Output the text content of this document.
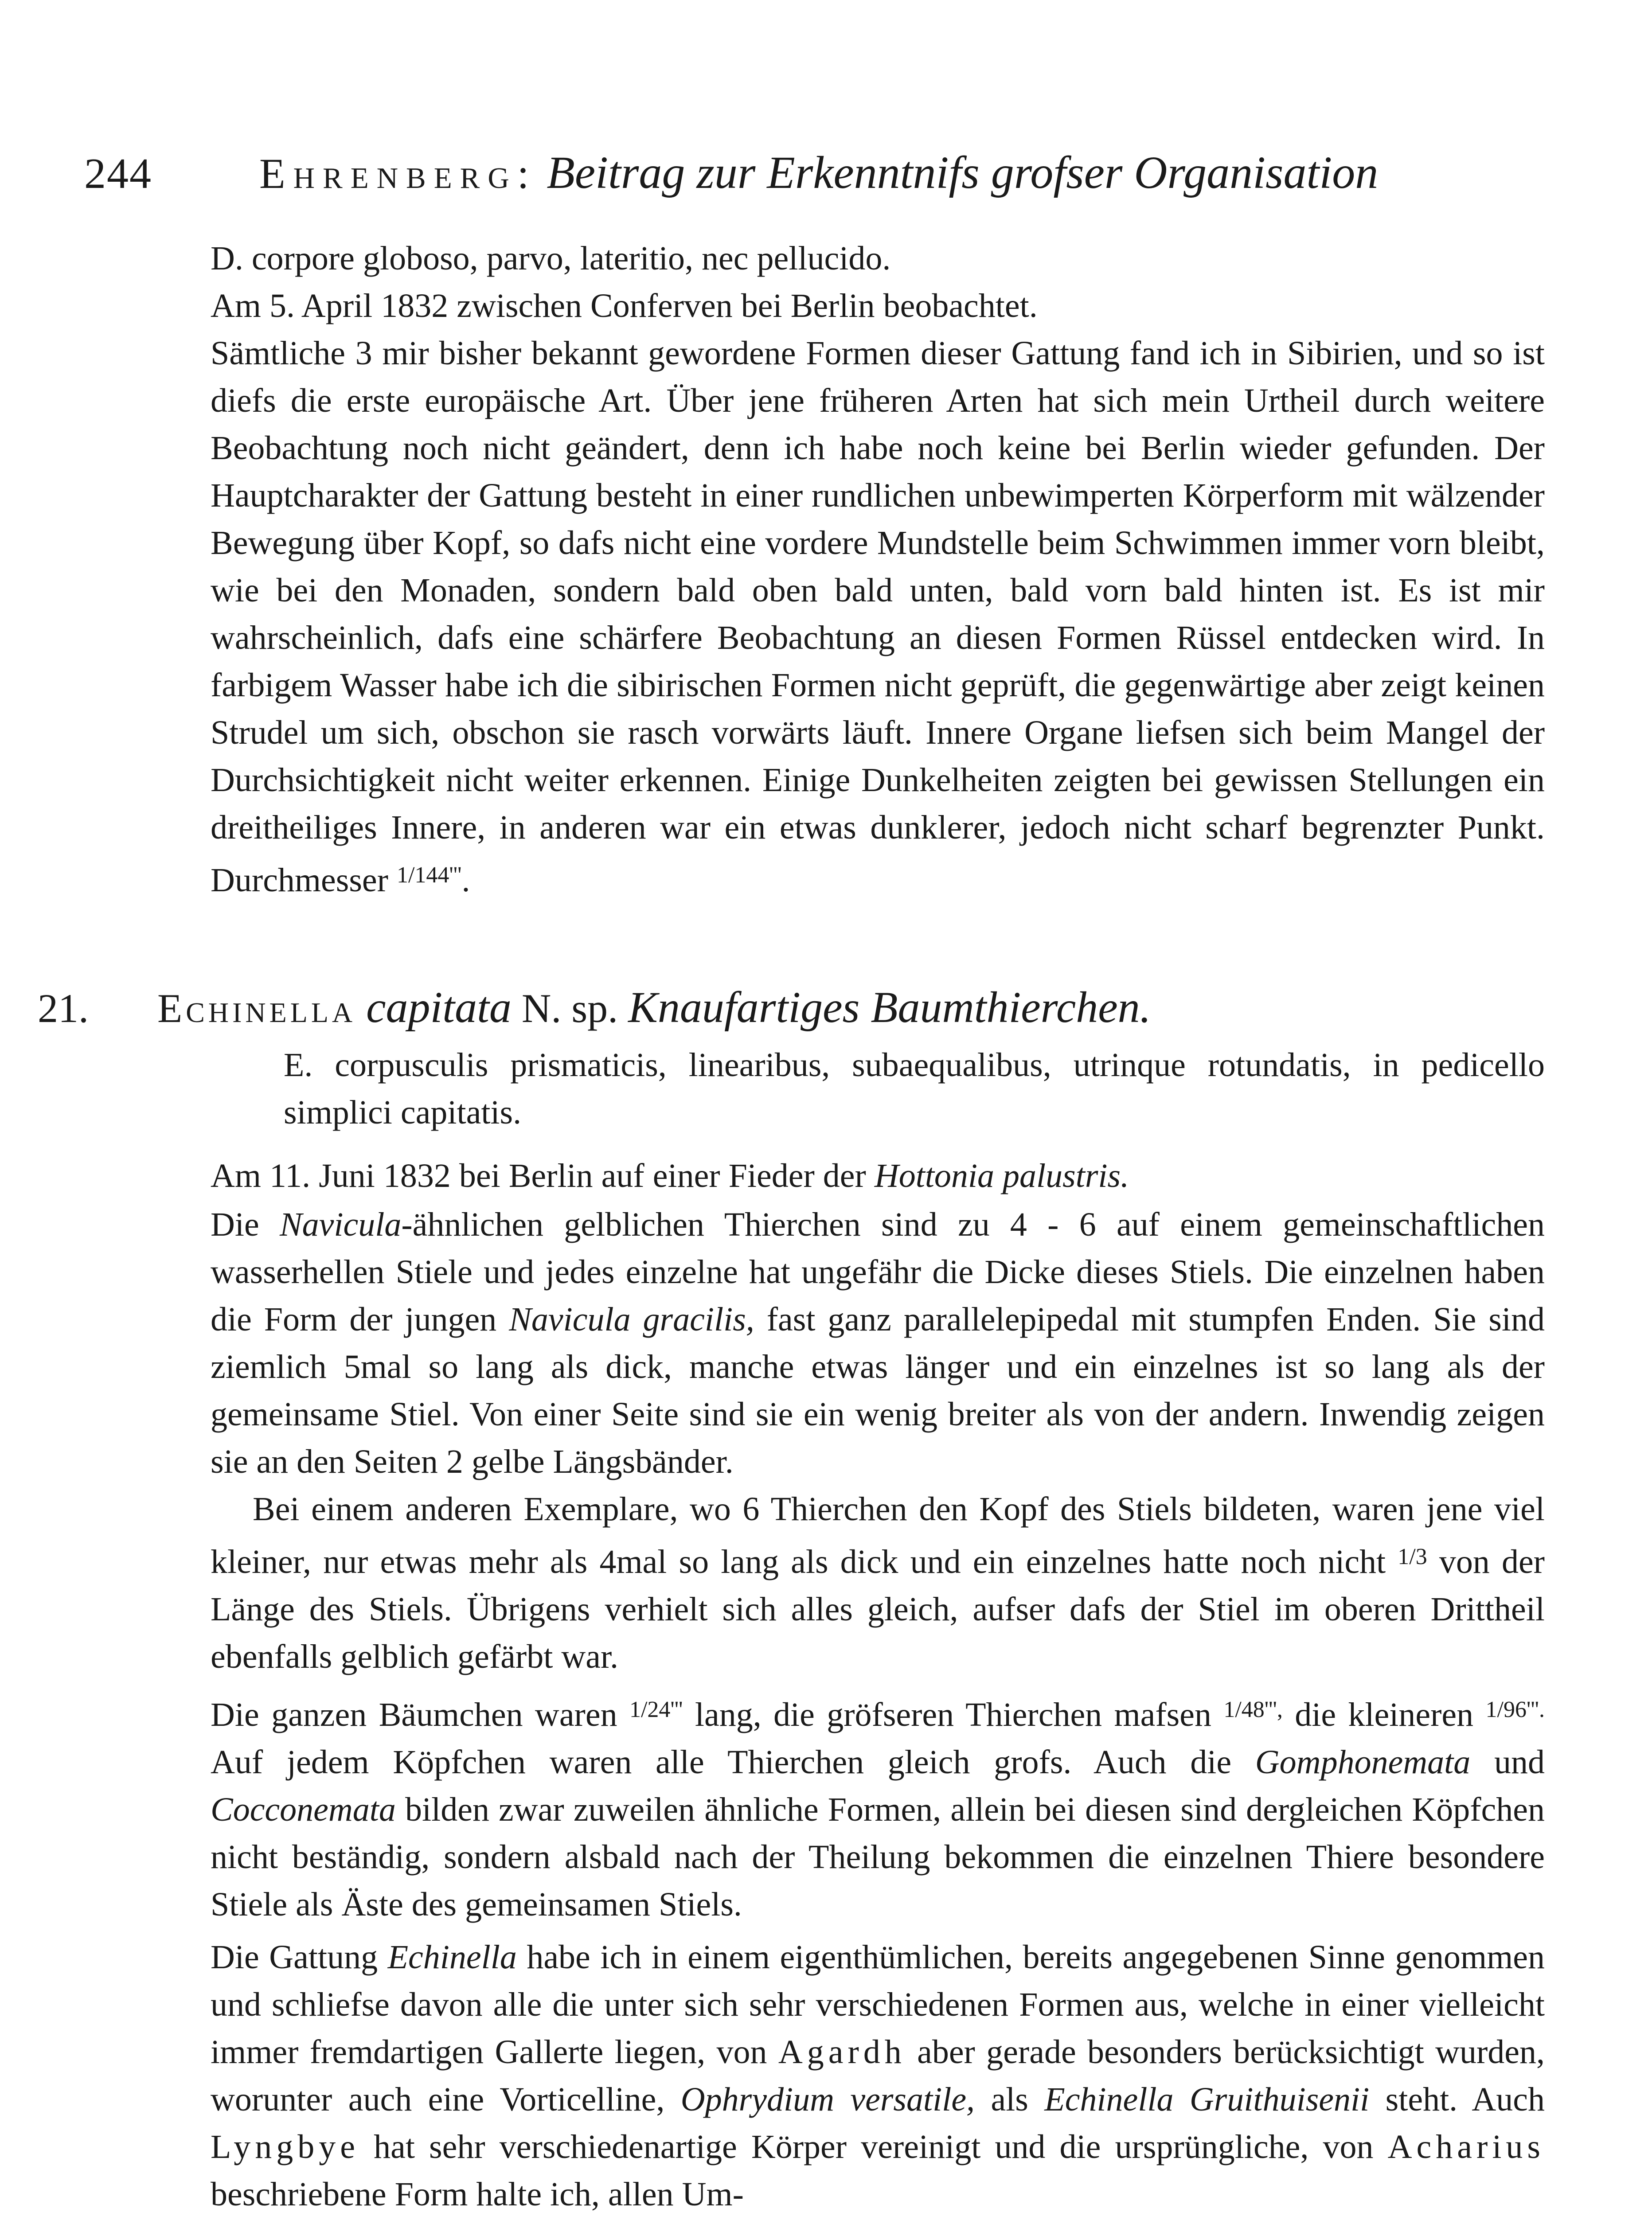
244	Ehrenberg : Beitrag zur Erkenntnifs grofser Organisation

D. corpore globoso, parvo, lateritio, nec pellucido.

Am 5. April 1832 zwischen Conferven bei Berlin beobachtet.

Sämtliche 3 mir bisher bekannt gewordene Formen dieser Gattung fand ich in Sibirien, und so ist diefs die erste europäische Art. Über jene früheren Arten hat sich mein Urtheil durch weitere Beobachtung noch nicht geändert, denn ich habe noch keine bei Berlin wieder gefunden. Der Hauptcharakter der Gattung besteht in einer rundlichen unbewimperten Körperform mit wälzender Bewegung über Kopf, so dafs nicht eine vordere Mundstelle beim Schwimmen immer vorn bleibt, wie bei den Monaden, sondern bald oben bald unten, bald vorn bald hinten ist. Es ist mir wahrscheinlich, dafs eine schärfere Beobachtung an diesen Formen Rüssel entdecken wird. In farbigem Wasser habe ich die sibirischen Formen nicht geprüft, die gegenwärtige aber zeigt keinen Strudel um sich, obschon sie rasch vorwärts läuft. Innere Organe liefsen sich beim Mangel der Durchsichtigkeit nicht weiter erkennen. Einige Dunkelheiten zeigten bei gewissen Stellungen ein dreitheiliges Innere, in anderen war ein etwas dunklerer, jedoch nicht scharf begrenzter Punkt. Durchmesser $^{1/144'''}$.

21. Echinella capitata N. sp. Knaufartiges Baumthierchen.

E. corpusculis prismaticis, linearibus, subaequalibus, utrinque rotundatis, in pedicello simplici capitatis.

Am 11. Juni 1832 bei Berlin auf einer Fieder der Hottonia palustris.

Die Navicula-ähnlichen gelblichen Thierchen sind zu 4 - 6 auf einem gemeinschaftlichen wasserhellen Stiele und jedes einzelne hat ungefähr die Dicke dieses Stiels. Die einzelnen haben die Form der jungen Navicula gracilis, fast ganz parallelepipedal mit stumpfen Enden. Sie sind ziemlich 5mal so lang als dick, manche etwas länger und ein einzelnes ist so lang als der gemeinsame Stiel. Von einer Seite sind sie ein wenig breiter als von der andern. Inwendig zeigen sie an den Seiten 2 gelbe Längsbänder.

Bei einem anderen Exemplare, wo 6 Thierchen den Kopf des Stiels bildeten, waren jene viel kleiner, nur etwas mehr als 4mal so lang als dick und ein einzelnes hatte noch nicht $^{1/3}$ von der Länge des Stiels. Übrigens verhielt sich alles gleich, aufser dafs der Stiel im oberen Drittheil ebenfalls gelblich gefärbt war.

Die ganzen Bäumchen waren $^{1/24'''}$ lang, die gröfseren Thierchen mafsen $^{1/48''',}$ die kleineren $^{1/96'''.}$ Auf jedem Köpfchen waren alle Thierchen gleich grofs. Auch die Gomphonemata und Cocconemata bilden zwar zuweilen ähnliche Formen, allein bei diesen sind dergleichen Köpfchen nicht beständig, sondern alsbald nach der Theilung bekommen die einzelnen Thiere besondere Stiele als Äste des gemeinsamen Stiels.

Die Gattung Echinella habe ich in einem eigenthümlichen, bereits angegebenen Sinne genommen und schliefse davon alle die unter sich sehr verschiedenen Formen aus, welche in einer vielleicht immer fremdartigen Gallerte liegen, von Agardh aber gerade besonders berücksichtigt wurden, worunter auch eine Vorticelline, Ophrydium versatile, als Echinella Gruithuisenii steht. Auch Lyngbye hat sehr verschiedenartige Körper vereinigt und die ursprüngliche, von Acharius beschriebene Form halte ich, allen Um-
